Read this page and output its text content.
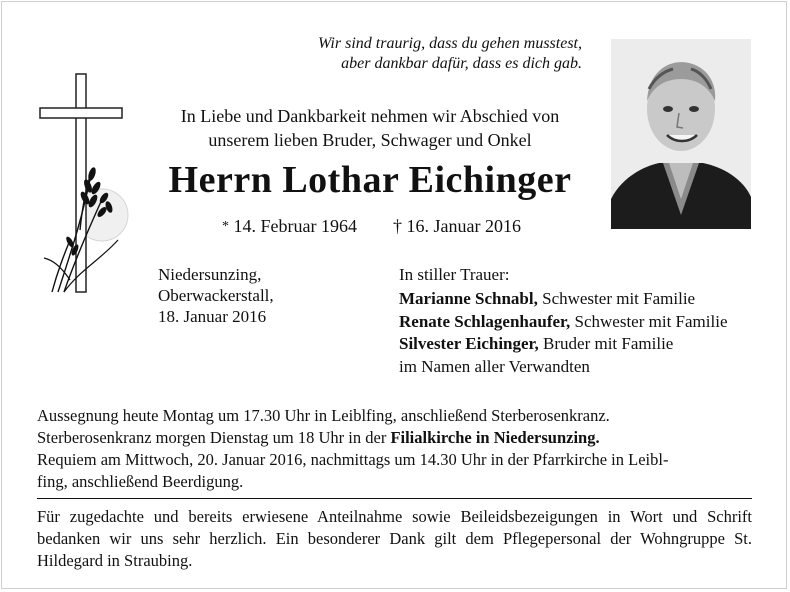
Wir sind traurig, dass du gehen musstest,
aber dankbar dafür, dass es dich gab.
In Liebe und Dankbarkeit nehmen wir Abschied von
unserem lieben Bruder, Schwager und Onkel
Herrn Lothar Eichinger
* 14. Februar 1964 † 16. Januar 2016
Niedersunzing,
Oberwackerstall,
18. Januar 2016
In stiller Trauer:
Marianne Schnabl, Schwester mit Familie
Renate Schlagenhaufer, Schwester mit Familie
Silvester Eichinger, Bruder mit Familie
im Namen aller Verwandten
Aussegnung heute Montag um 17.30 Uhr in Leiblfing, anschließend Sterberosenkranz.
Sterberosenkranz morgen Dienstag um 18 Uhr in der Filialkirche in Niedersunzing.
Requiem am Mittwoch, 20. Januar 2016, nachmittags um 14.30 Uhr in der Pfarrkirche in Leibl-
fing, anschließend Beerdigung.
Für zugedachte und bereits erwiesene Anteilnahme sowie Beileidsbezeigungen in Wort und Schrift bedanken wir uns sehr herzlich. Ein besonderer Dank gilt dem Pflegepersonal der Wohngruppe St. Hildegard in Straubing.
